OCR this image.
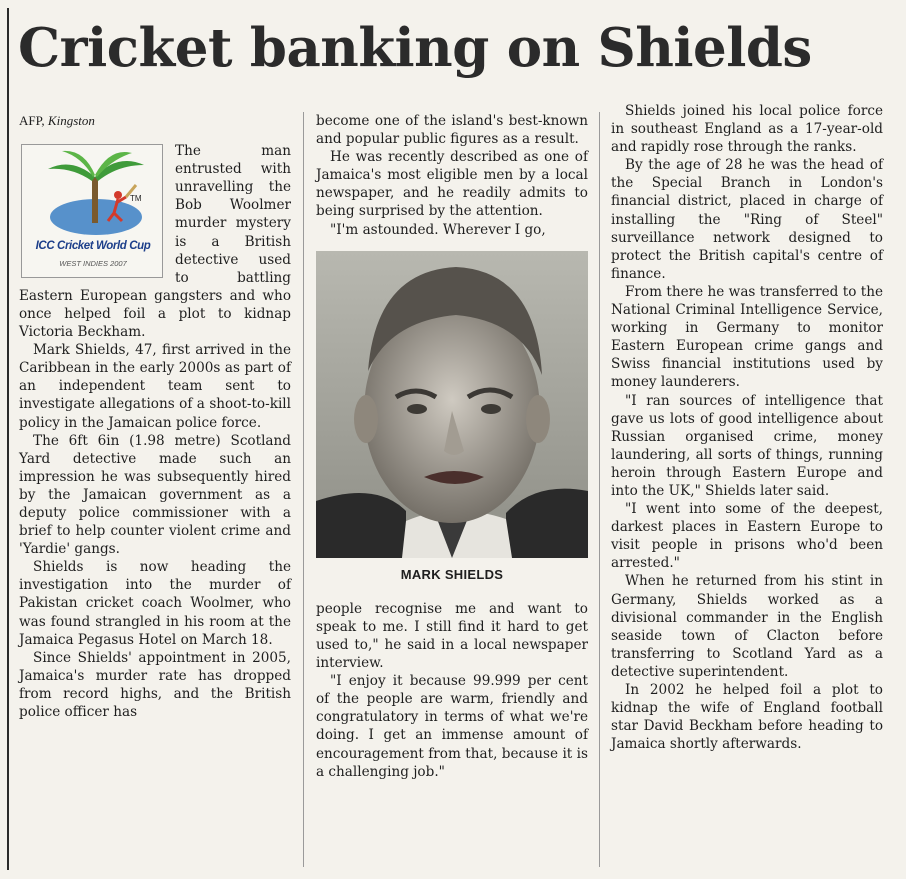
Cricket banking on Shields
AFP, Kingston
TM
ICC Cricket World Cup
WEST INDIES 2007

The man entrusted with unravelling the Bob Woolmer murder mystery is a British detective used to battling Eastern European gangsters and who once helped foil a plot to kidnap Victoria Beckham.

Mark Shields, 47, first arrived in the Caribbean in the early 2000s as part of an independent team sent to investigate allegations of a shoot-to-kill policy in the Jamaican police force.

The 6ft 6in (1.98 metre) Scotland Yard detective made such an impression he was subsequently hired by the Jamaican government as a deputy police commissioner with a brief to help counter violent crime and 'Yardie' gangs.

Shields is now heading the investigation into the murder of Pakistan cricket coach Woolmer, who was found strangled in his room at the Jamaica Pegasus Hotel on March 18.

Since Shields' appointment in 2005, Jamaica's murder rate has dropped from record highs, and the British police officer has

become one of the island's best-known and popular public figures as a result.

He was recently described as one of Jamaica's most eligible men by a local newspaper, and he readily admits to being surprised by the attention.

"I'm astounded. Wherever I go,

MARK SHIELDS

people recognise me and want to speak to me. I still find it hard to get used to," he said in a local newspaper interview.

"I enjoy it because 99.999 per cent of the people are warm, friendly and congratulatory in terms of what we're doing. I get an immense amount of encouragement from that, because it is a challenging job."

Shields joined his local police force in southeast England as a 17-year-old and rapidly rose through the ranks.

By the age of 28 he was the head of the Special Branch in London's financial district, placed in charge of installing the "Ring of Steel" surveillance network designed to protect the British capital's centre of finance.

From there he was transferred to the National Criminal Intelligence Service, working in Germany to monitor Eastern European crime gangs and Swiss financial institutions used by money launderers.

"I ran sources of intelligence that gave us lots of good intelligence about Russian organised crime, money laundering, all sorts of things, running heroin through Eastern Europe and into the UK," Shields later said.

"I went into some of the deepest, darkest places in Eastern Europe to visit people in prisons who'd been arrested."

When he returned from his stint in Germany, Shields worked as a divisional commander in the English seaside town of Clacton before transferring to Scotland Yard as a detective superintendent.

In 2002 he helped foil a plot to kidnap the wife of England football star David Beckham before heading to Jamaica shortly afterwards.
